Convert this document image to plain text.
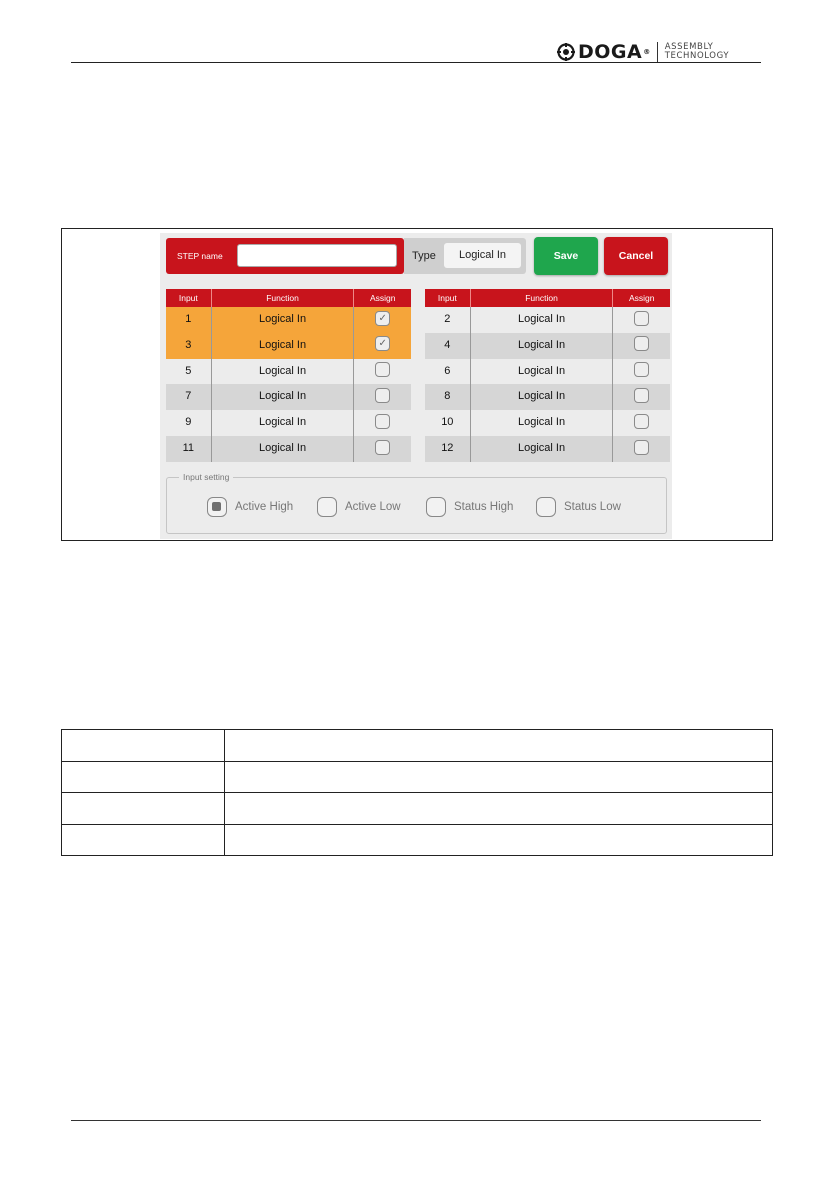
DOGA® ASSEMBLY
TECHNOLOGY
STEP name	Type	Logical In	Save	Cancel
Input	Function	Assign
1	Logical In	✓
3	Logical In	✓
5	Logical In
7	Logical In
9	Logical In
11	Logical In
Input	Function	Assign
2	Logical In
4	Logical In
6	Logical In
8	Logical In
10	Logical In
12	Logical In
Input setting
Active High	Active Low	Status High	Status Low
